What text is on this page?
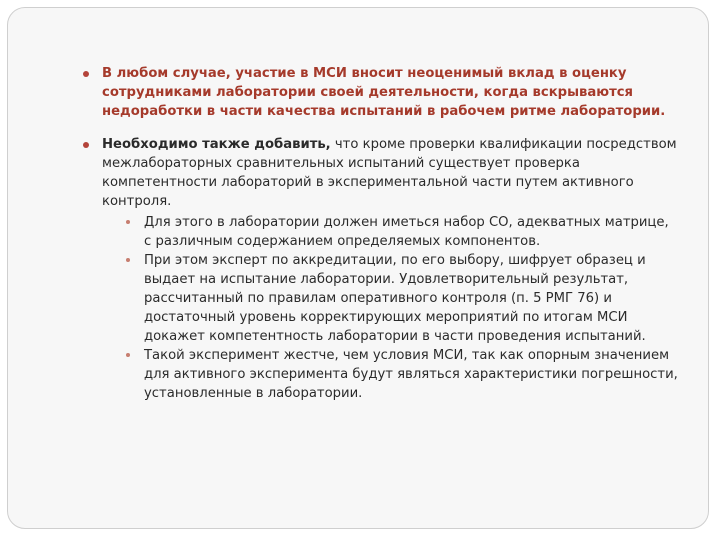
В любом случае, участие в МСИ вносит неоценимый вклад в оценку сотрудниками лаборатории своей деятельности, когда вскрываются недоработки в части качества испытаний в рабочем ритме лаборатории.
Необходимо также добавить, что кроме проверки квалификации посредством межлабораторных сравнительных испытаний существует проверка компетентности лабораторий в экспериментальной части путем активного контроля.
Для этого в лаборатории должен иметься набор СО, адекватных матрице, с различным содержанием определяемых компонентов.
При этом эксперт по аккредитации, по его выбору, шифрует образец и выдает на испытание лаборатории. Удовлетворительный результат, рассчитанный по правилам оперативного контроля (п. 5 РМГ 76) и достаточный уровень корректирующих мероприятий по итогам МСИ докажет компетентность лаборатории в части проведения испытаний.
Такой эксперимент жестче, чем условия МСИ, так как опорным значением для активного эксперимента будут являться характеристики погрешности, установленные в лаборатории.
